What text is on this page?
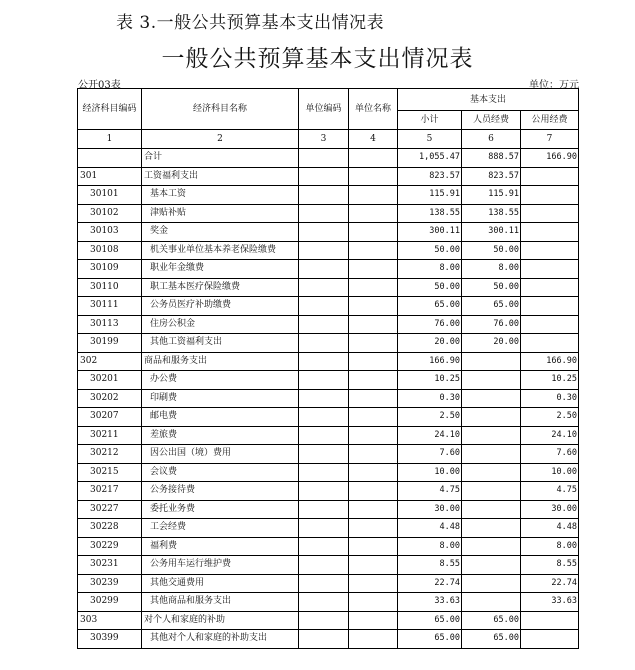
表 3.一般公共预算基本支出情况表
一般公共预算基本支出情况表
公开03表	单位：万元
经济科目编码	经济科目名称	单位编码	单位名称	基本支出		
				小计	人员经费	公用经费
1	2	3	4	5	6	7
	合计			1,055.47	888.57	166.90
301	工资福利支出			823.57	823.57	
30101	基本工资			115.91	115.91	
30102	津贴补贴			138.55	138.55	
30103	奖金			300.11	300.11	
30108	机关事业单位基本养老保险缴费			50.00	50.00	
30109	职业年金缴费			8.00	8.00	
30110	职工基本医疗保险缴费			50.00	50.00	
30111	公务员医疗补助缴费			65.00	65.00	
30113	住房公积金			76.00	76.00	
30199	其他工资福利支出			20.00	20.00	
302	商品和服务支出			166.90		166.90
30201	办公费			10.25		10.25
30202	印刷费			0.30		0.30
30207	邮电费			2.50		2.50
30211	差旅费			24.10		24.10
30212	因公出国（境）费用			7.60		7.60
30215	会议费			10.00		10.00
30217	公务接待费			4.75		4.75
30227	委托业务费			30.00		30.00
30228	工会经费			4.48		4.48
30229	福利费			8.00		8.00
30231	公务用车运行维护费			8.55		8.55
30239	其他交通费用			22.74		22.74
30299	其他商品和服务支出			33.63		33.63
303	对个人和家庭的补助			65.00	65.00	
30399	其他对个人和家庭的补助支出			65.00	65.00	
